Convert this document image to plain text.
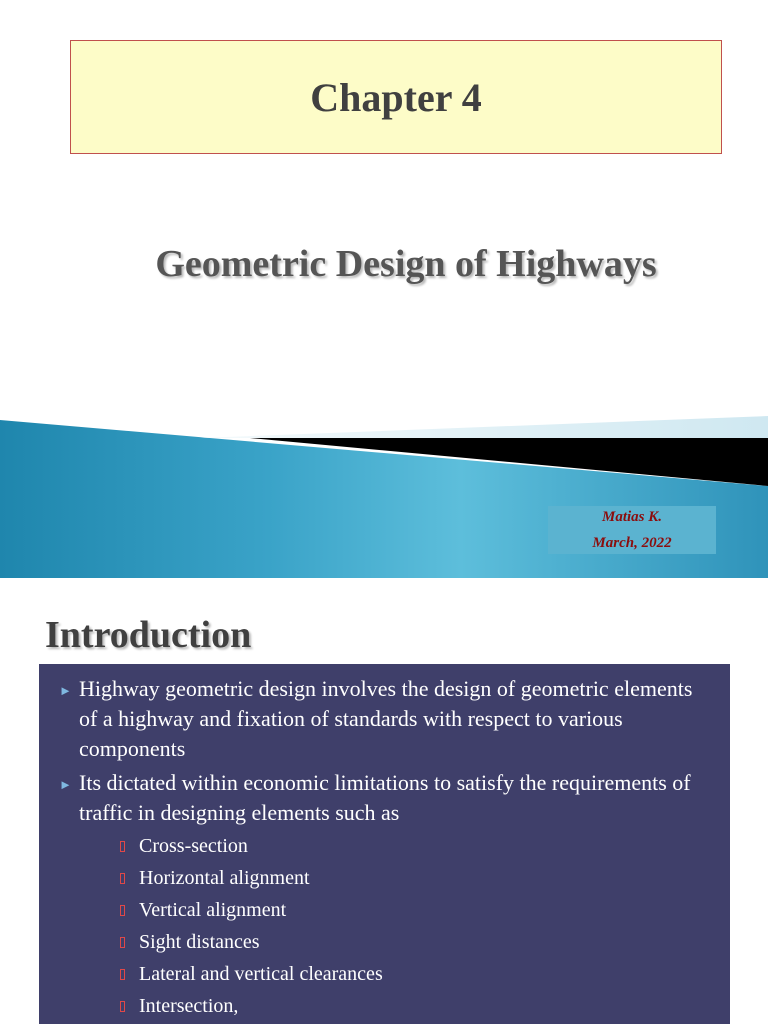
Chapter 4
Geometric Design of Highways
Matias K.
March, 2022
Introduction
► Highway geometric design involves the design of geometric elements of a highway and fixation of standards with respect to various components
► Its dictated within economic limitations to satisfy the requirements of traffic in designing elements such as
Cross-section
Horizontal alignment
Vertical alignment
Sight distances
Lateral and vertical clearances
Intersection,
